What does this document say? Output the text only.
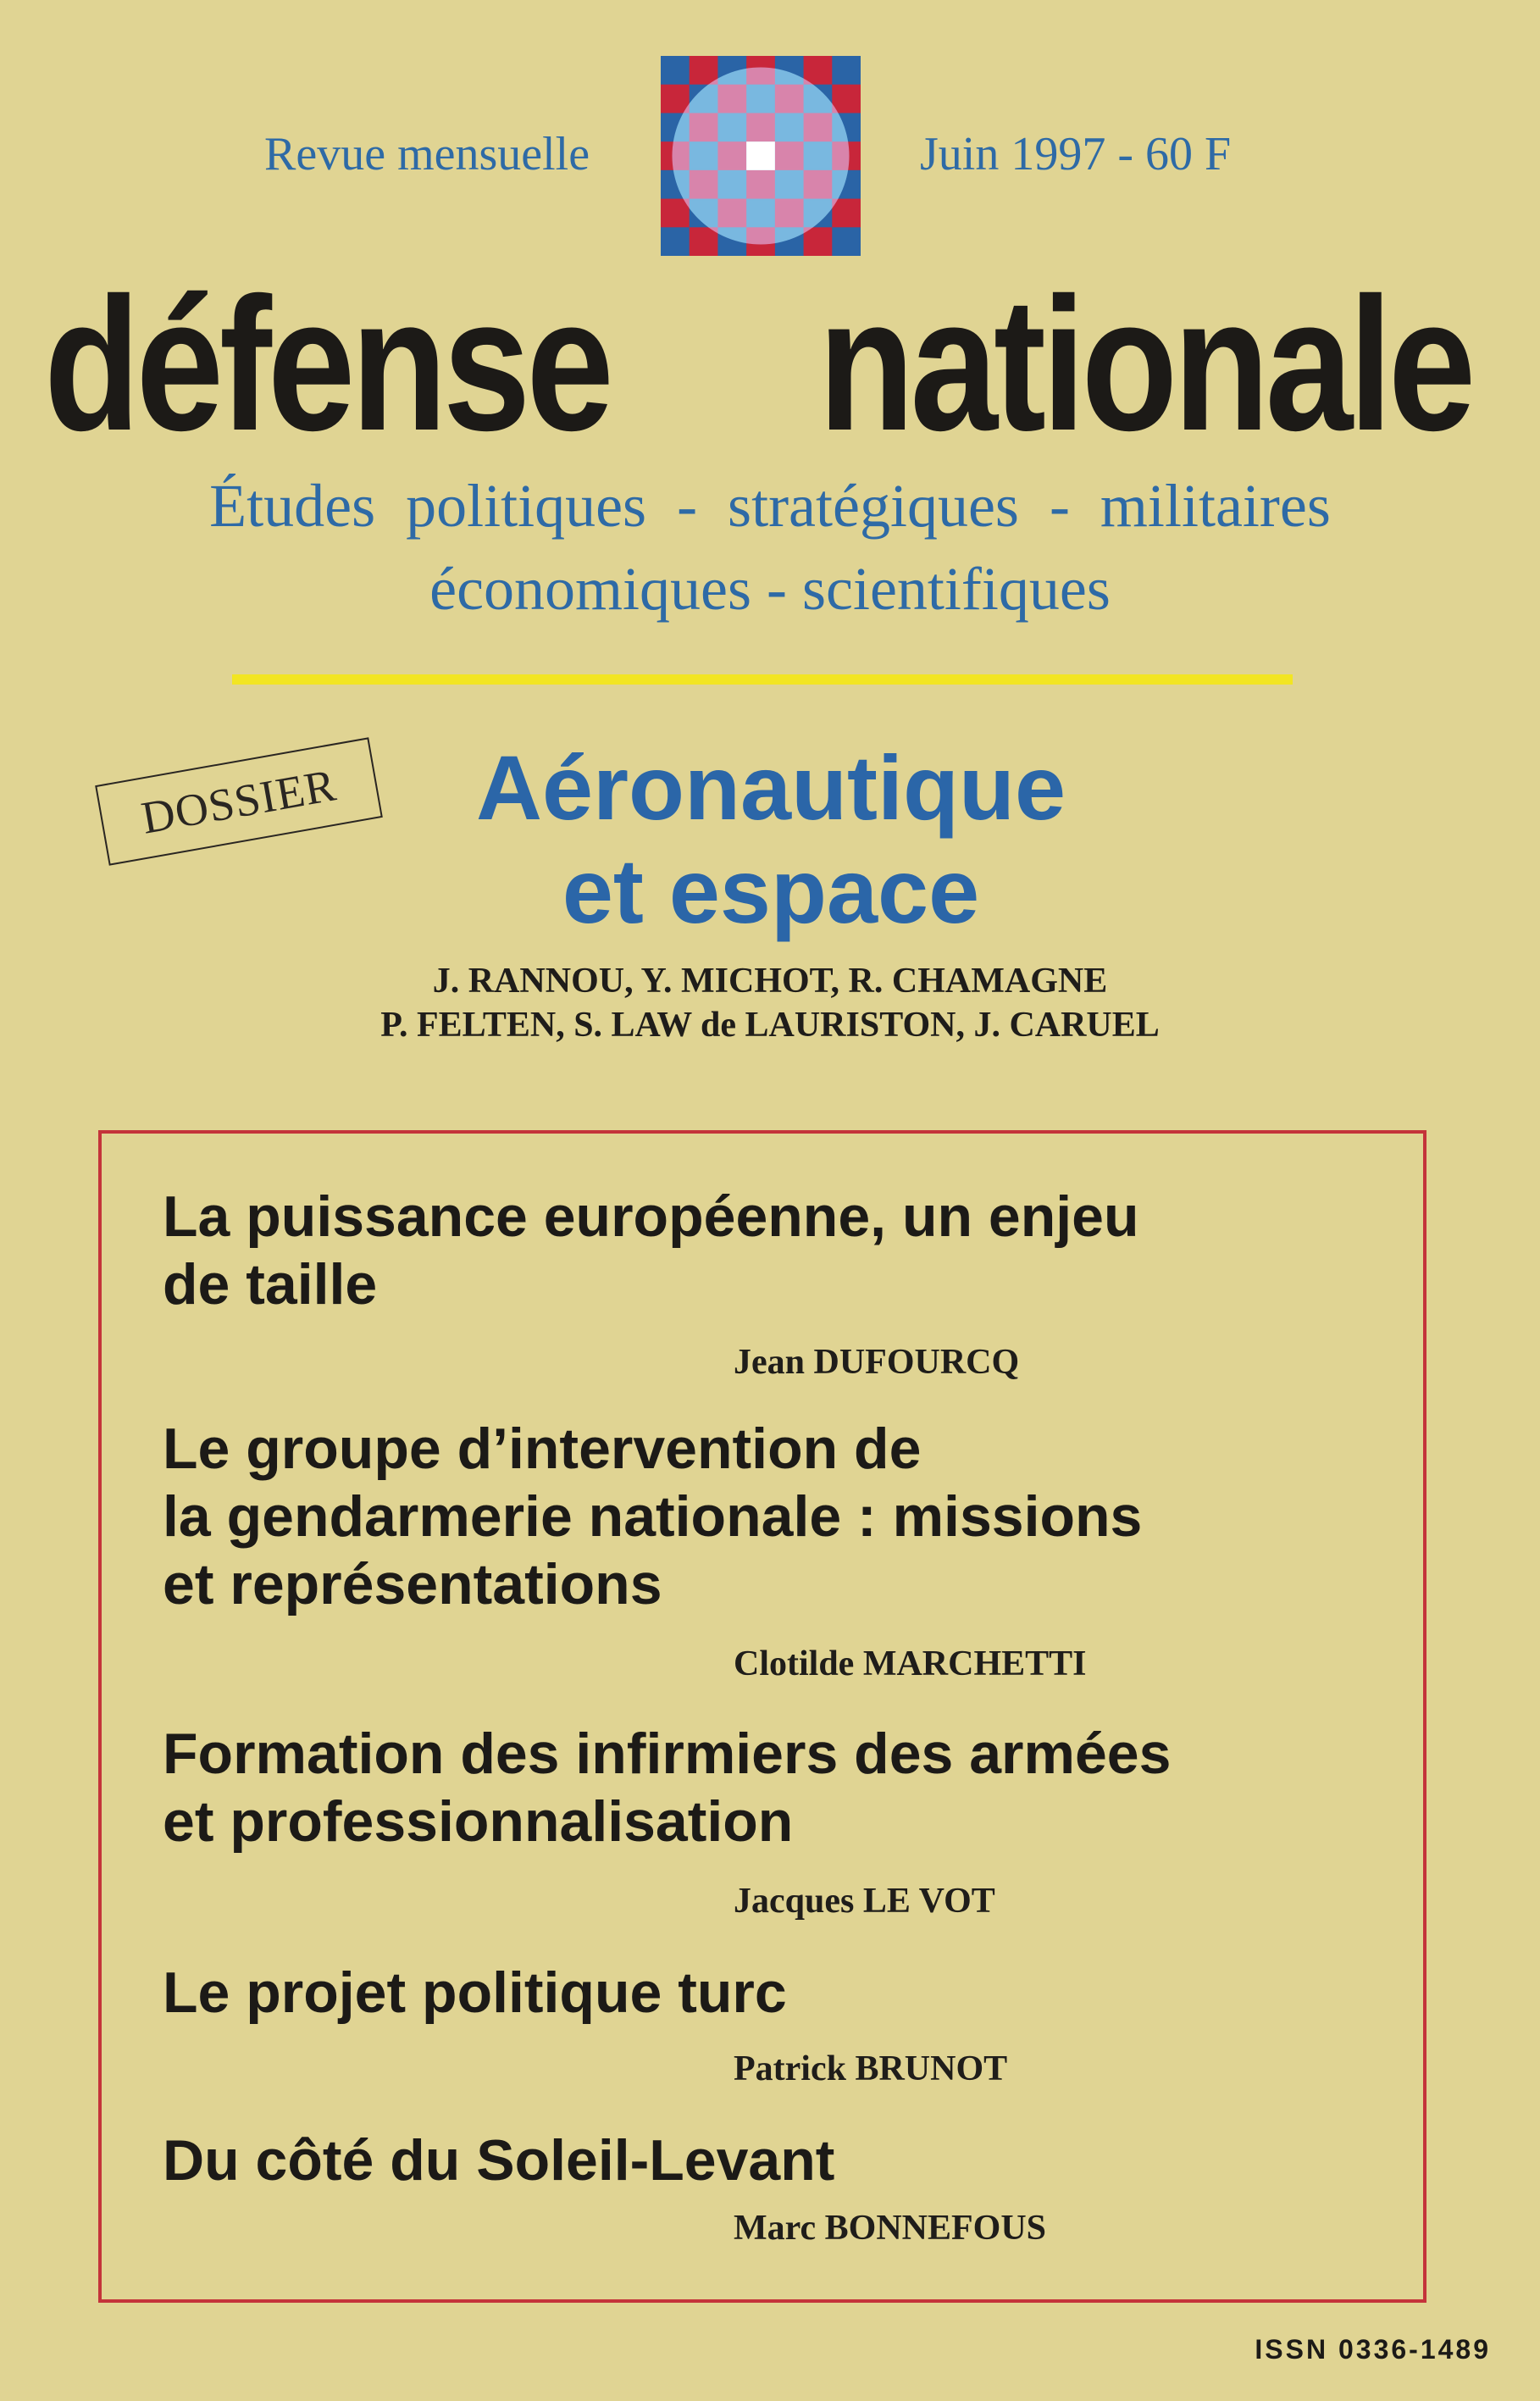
Revue mensuelle	Juin 1997 - 60 F
défense nationale
Études  politiques  -  stratégiques  -  militaires
économiques - scientifiques
DOSSIER	Aéronautique
et espace
J. RANNOU, Y. MICHOT, R. CHAMAGNE
P. FELTEN, S. LAW de LAURISTON, J. CARUEL
La puissance européenne, un enjeu
de taille
Jean DUFOURCQ
Le groupe d’intervention de
la gendarmerie nationale : missions
et représentations
Clotilde MARCHETTI
Formation des infirmiers des armées
et professionnalisation
Jacques LE VOT
Le projet politique turc
Patrick BRUNOT
Du côté du Soleil-Levant
Marc BONNEFOUS
ISSN 0336-1489
